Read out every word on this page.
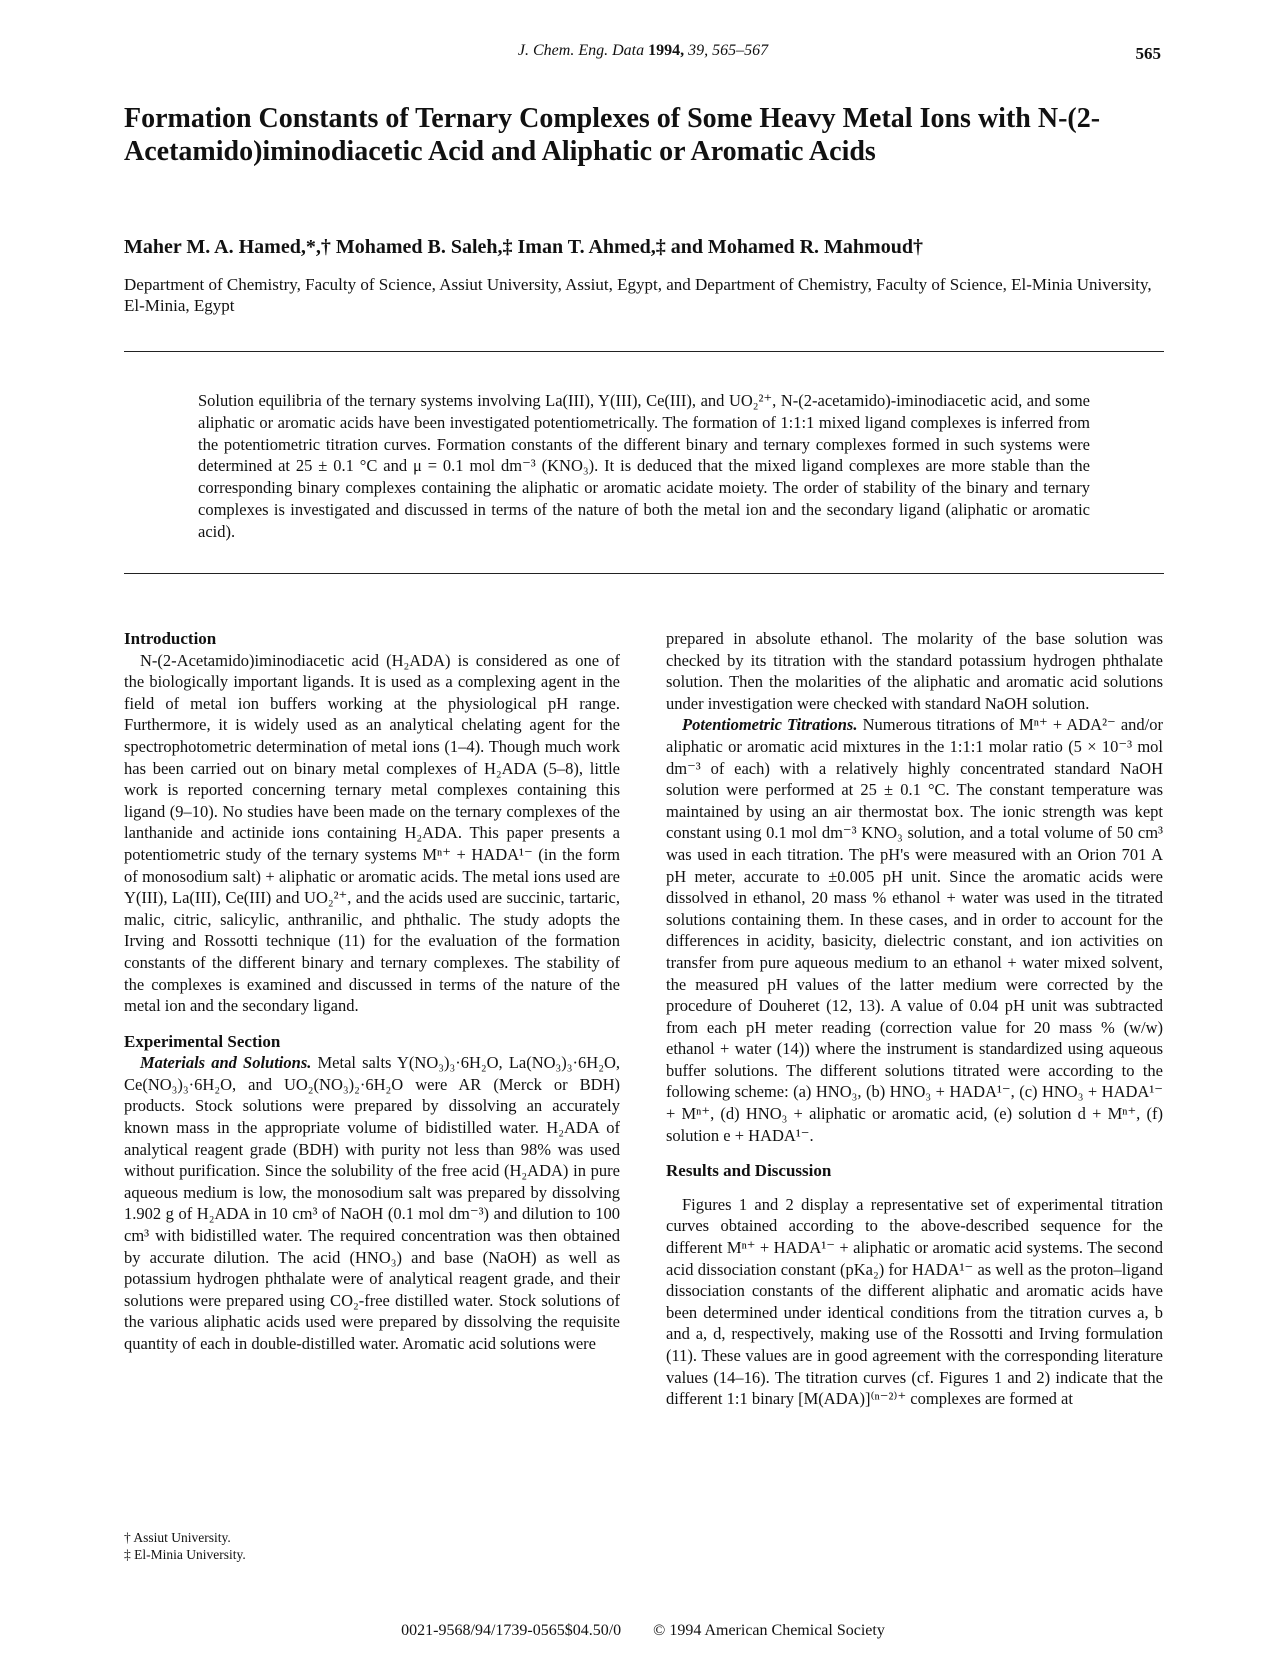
J. Chem. Eng. Data 1994, 39, 565–567	565
Formation Constants of Ternary Complexes of Some Heavy Metal Ions with N-(2-Acetamido)iminodiacetic Acid and Aliphatic or Aromatic Acids
Maher M. A. Hamed,*,† Mohamed B. Saleh,‡ Iman T. Ahmed,‡ and Mohamed R. Mahmoud†
Department of Chemistry, Faculty of Science, Assiut University, Assiut, Egypt, and Department of Chemistry, Faculty of Science, El-Minia University, El-Minia, Egypt
Solution equilibria of the ternary systems involving La(III), Y(III), Ce(III), and UO₂²⁺, N-(2-acetamido)-iminodiacetic acid, and some aliphatic or aromatic acids have been investigated potentiometrically. The formation of 1:1:1 mixed ligand complexes is inferred from the potentiometric titration curves. Formation constants of the different binary and ternary complexes formed in such systems were determined at 25 ± 0.1 °C and μ = 0.1 mol dm⁻³ (KNO₃). It is deduced that the mixed ligand complexes are more stable than the corresponding binary complexes containing the aliphatic or aromatic acidate moiety. The order of stability of the binary and ternary complexes is investigated and discussed in terms of the nature of both the metal ion and the secondary ligand (aliphatic or aromatic acid).
Introduction

N-(2-Acetamido)iminodiacetic acid (H₂ADA) is considered as one of the biologically important ligands. It is used as a complexing agent in the field of metal ion buffers working at the physiological pH range. Furthermore, it is widely used as an analytical chelating agent for the spectrophotometric determination of metal ions (1–4). Though much work has been carried out on binary metal complexes of H₂ADA (5–8), little work is reported concerning ternary metal complexes containing this ligand (9–10). No studies have been made on the ternary complexes of the lanthanide and actinide ions containing H₂ADA. This paper presents a potentiometric study of the ternary systems Mⁿ⁺ + HADA¹⁻ (in the form of monosodium salt) + aliphatic or aromatic acids. The metal ions used are Y(III), La(III), Ce(III) and UO₂²⁺, and the acids used are succinic, tartaric, malic, citric, salicylic, anthranilic, and phthalic. The study adopts the Irving and Rossotti technique (11) for the evaluation of the formation constants of the different binary and ternary complexes. The stability of the complexes is examined and discussed in terms of the nature of the metal ion and the secondary ligand.

Experimental Section

Materials and Solutions. Metal salts Y(NO₃)₃·6H₂O, La(NO₃)₃·6H₂O, Ce(NO₃)₃·6H₂O, and UO₂(NO₃)₂·6H₂O were AR (Merck or BDH) products. Stock solutions were prepared by dissolving an accurately known mass in the appropriate volume of bidistilled water. H₂ADA of analytical reagent grade (BDH) with purity not less than 98% was used without purification. Since the solubility of the free acid (H₂ADA) in pure aqueous medium is low, the monosodium salt was prepared by dissolving 1.902 g of H₂ADA in 10 cm³ of NaOH (0.1 mol dm⁻³) and dilution to 100 cm³ with bidistilled water. The required concentration was then obtained by accurate dilution. The acid (HNO₃) and base (NaOH) as well as potassium hydrogen phthalate were of analytical reagent grade, and their solutions were prepared using CO₂-free distilled water. Stock solutions of the various aliphatic acids used were prepared by dissolving the requisite quantity of each in double-distilled water. Aromatic acid solutions were

prepared in absolute ethanol. The molarity of the base solution was checked by its titration with the standard potassium hydrogen phthalate solution. Then the molarities of the aliphatic and aromatic acid solutions under investigation were checked with standard NaOH solution.

Potentiometric Titrations. Numerous titrations of Mⁿ⁺ + ADA²⁻ and/or aliphatic or aromatic acid mixtures in the 1:1:1 molar ratio (5 × 10⁻³ mol dm⁻³ of each) with a relatively highly concentrated standard NaOH solution were performed at 25 ± 0.1 °C. The constant temperature was maintained by using an air thermostat box. The ionic strength was kept constant using 0.1 mol dm⁻³ KNO₃ solution, and a total volume of 50 cm³ was used in each titration. The pH's were measured with an Orion 701 A pH meter, accurate to ±0.005 pH unit. Since the aromatic acids were dissolved in ethanol, 20 mass % ethanol + water was used in the titrated solutions containing them. In these cases, and in order to account for the differences in acidity, basicity, dielectric constant, and ion activities on transfer from pure aqueous medium to an ethanol + water mixed solvent, the measured pH values of the latter medium were corrected by the procedure of Douheret (12, 13). A value of 0.04 pH unit was subtracted from each pH meter reading (correction value for 20 mass % (w/w) ethanol + water (14)) where the instrument is standardized using aqueous buffer solutions. The different solutions titrated were according to the following scheme: (a) HNO₃, (b) HNO₃ + HADA¹⁻, (c) HNO₃ + HADA¹⁻ + Mⁿ⁺, (d) HNO₃ + aliphatic or aromatic acid, (e) solution d + Mⁿ⁺, (f) solution e + HADA¹⁻.

Results and Discussion

Figures 1 and 2 display a representative set of experimental titration curves obtained according to the above-described sequence for the different Mⁿ⁺ + HADA¹⁻ + aliphatic or aromatic acid systems. The second acid dissociation constant (pKa₂) for HADA¹⁻ as well as the proton–ligand dissociation constants of the different aliphatic and aromatic acids have been determined under identical conditions from the titration curves a, b and a, d, respectively, making use of the Rossotti and Irving formulation (11). These values are in good agreement with the corresponding literature values (14–16). The titration curves (cf. Figures 1 and 2) indicate that the different 1:1 binary [M(ADA)]⁽ⁿ⁻²⁾⁺ complexes are formed at

† Assiut University.
‡ El-Minia University.
0021-9568/94/1739-0565$04.50/0 © 1994 American Chemical Society
